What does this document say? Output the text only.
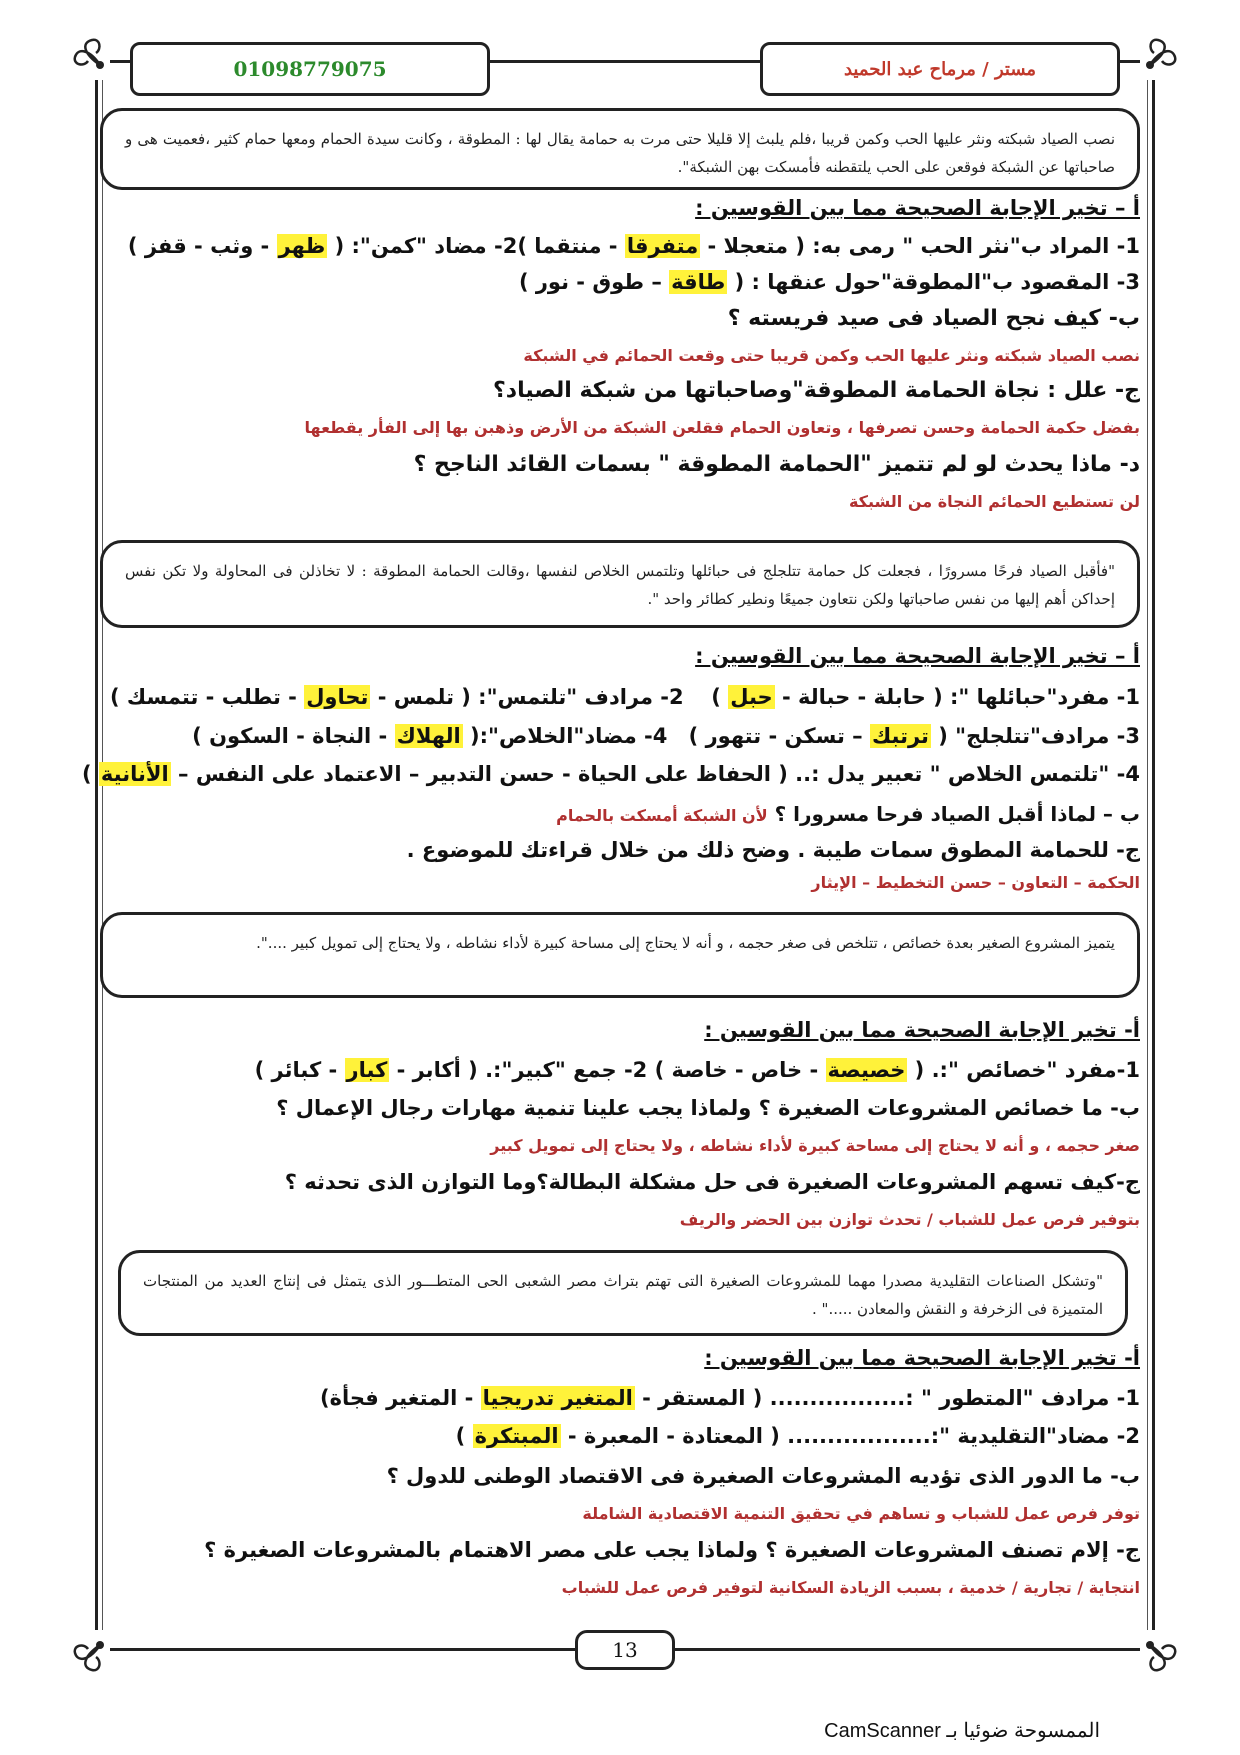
01098779075	مستر / مرماح عبد الحميد
نصب الصياد شبكته ونثر عليها الحب وكمن قريبا ،فلم يلبث إلا قليلا حتى مرت به حمامة يقال لها : المطوقة ، وكانت سيدة الحمام ومعها حمام كثير ،فعميت هى و صاحباتها عن الشبكة فوقعن على الحب يلتقطنه فأمسكت بهن الشبكة".
أ – تخير الإجابة الصحيحة مما بين القوسين :
1- المراد ب"نثر الحب " رمى به: ( متعجلا - متفرقا - منتقما )
2- مضاد "كمن": ( ظهر - وثب - قفز )
3- المقصود ب"المطوقة"حول عنقها : ( طاقة – طوق - نور )
ب- كيف نجح الصياد فى صيد فريسته ؟
نصب الصياد شبكته ونثر عليها الحب وكمن قريبا حتى وقعت الحمائم في الشبكة
ج- علل : نجاة الحمامة المطوقة"وصاحباتها من شبكة الصياد؟
بفضل حكمة الحمامة وحسن تصرفها ، وتعاون الحمام فقلعن الشبكة من الأرض وذهبن بها إلى الفأر يقطعها
د- ماذا يحدث لو لم تتميز "الحمامة المطوقة " بسمات القائد الناجح ؟
لن تستطيع الحمائم النجاة من الشبكة
"فأقبل الصياد فرحًا مسرورًا ، فجعلت كل حمامة تتلجلج فى حبائلها وتلتمس الخلاص لنفسها ،وقالت الحمامة المطوقة : لا تخاذلن فى المحاولة ولا تكن نفس إحداكن أهم إليها من نفس صاحباتها ولكن نتعاون جميعًا ونطير كطائر واحد ".
أ – تخير الإجابة الصحيحة مما بين القوسين :
1- مفرد"حبائلها ": ( حابلة - حبالة - حبل )
2- مرادف "تلتمس": ( تلمس - تحاول - تطلب - تتمسك )
3- مرادف"تتلجلج" ( ترتبك – تسكن - تتهور ) 4- مضاد"الخلاص":( الهلاك - النجاة - السكون )
4- "تلتمس الخلاص " تعبير يدل :.. ( الحفاظ على الحياة - حسن التدبير – الاعتماد على النفس – الأنانية )
ب – لماذا أقبل الصياد فرحا مسرورا ؟ لأن الشبكة أمسكت بالحمام
ج- للحمامة المطوق سمات طيبة . وضح ذلك من خلال قراءتك للموضوع .
الحكمة – التعاون – حسن التخطيط – الإيثار
يتميز المشروع الصغير بعدة خصائص ، تتلخص فى صغر حجمه ، و أنه لا يحتاج إلى مساحة كبيرة لأداء نشاطه ، ولا يحتاج إلى تمويل كبير ....".
أ- تخير الإجابة الصحيحة مما بين القوسين :
1-مفرد "خصائص ":. ( خصيصة - خاص - خاصة ) 2- جمع "كبير":. ( أكابر - كبار - كبائر )
ب- ما خصائص المشروعات الصغيرة ؟ ولماذا يجب علينا تنمية مهارات رجال الإعمال ؟
صغر حجمه ، و أنه لا يحتاج إلى مساحة كبيرة لأداء نشاطه ، ولا يحتاج إلى تمويل كبير
ج-كيف تسهم المشروعات الصغيرة فى حل مشكلة البطالة؟وما التوازن الذى تحدثه ؟
بتوفير فرص عمل للشباب / تحدث توازن بين الحضر والريف
"وتشكل الصناعات التقليدية مصدرا مهما للمشروعات الصغيرة التى تهتم بتراث مصر الشعبى الحى المتطـــور الذى يتمثل فى إنتاج العديد من المنتجات المتميزة فى الزخرفة و النقش والمعادن ....." .
أ- تخير الإجابة الصحيحة مما بين القوسين :
1- مرادف "المتطور " :................. ( المستقر - المتغير تدريجيا - المتغير فجأة)
2- مضاد"التقليدية ":.................. ( المعتادة - المعبرة - المبتكرة )
ب- ما الدور الذى تؤديه المشروعات الصغيرة فى الاقتصاد الوطنى للدول ؟
توفر فرص عمل للشباب و تساهم في تحقيق التنمية الاقتصادية الشاملة
ج- إلام تصنف المشروعات الصغيرة ؟ ولماذا يجب على مصر الاهتمام بالمشروعات الصغيرة ؟
انتجاية / تجارية / خدمية ، بسبب الزيادة السكانية لتوفير فرص عمل للشباب
13
الممسوحة ضوئيا بـ CamScanner
